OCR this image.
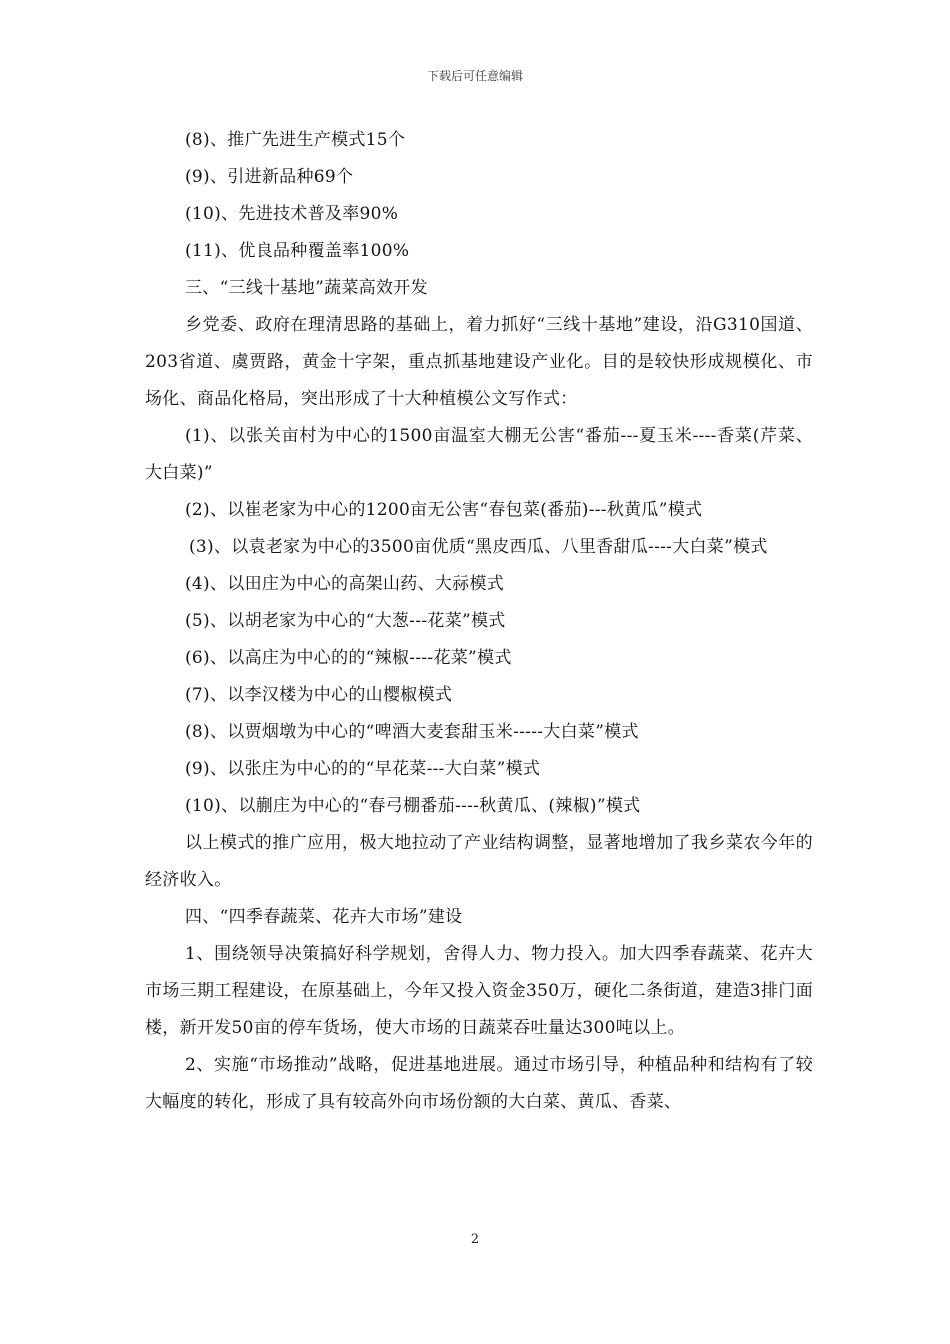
下载后可任意编辑

(8)、推广先进生产模式15个

(9)、引进新品种69个

(10)、先进技术普及率90%

(11)、优良品种覆盖率100%

三、“三线十基地”蔬菜高效开发

乡党委、政府在理清思路的基础上，着力抓好“三线十基地”建设，沿G310国道、203省道、虞贾路，黄金十字架，重点抓基地建设产业化。目的是较快形成规模化、市场化、商品化格局，突出形成了十大种植模公文写作式：

(1)、以张关亩村为中心的1500亩温室大棚无公害“番茄---夏玉米----香菜(芹菜、大白菜)”

(2)、以崔老家为中心的1200亩无公害“春包菜(番茄)---秋黄瓜”模式

(3)、以袁老家为中心的3500亩优质“黑皮西瓜、八里香甜瓜----大白菜”模式

(4)、以田庄为中心的高架山药、大祘模式

(5)、以胡老家为中心的“大葱---花菜”模式

(6)、以高庄为中心的的“辣椒----花菜”模式

(7)、以李汉楼为中心的山樱椒模式

(8)、以贾烟墩为中心的“啤酒大麦套甜玉米-----大白菜”模式

(9)、以张庄为中心的的“早花菜---大白菜”模式

(10)、以蒯庄为中心的“春弓棚番茄----秋黄瓜、(辣椒)”模式

以上模式的推广应用，极大地拉动了产业结构调整，显著地增加了我乡菜农今年的经济收入。

四、“四季春蔬菜、花卉大市场”建设

1、围绕领导决策搞好科学规划，舍得人力、物力投入。加大四季春蔬菜、花卉大市场三期工程建设，在原基础上，今年又投入资金350万，硬化二条街道，建造3排门面楼，新开发50亩的停车货场，使大市场的日蔬菜吞吐量达300吨以上。

2、实施“市场推动”战略，促进基地进展。通过市场引导，种植品种和结构有了较大幅度的转化，形成了具有较高外向市场份额的大白菜、黄瓜、香菜、

2
